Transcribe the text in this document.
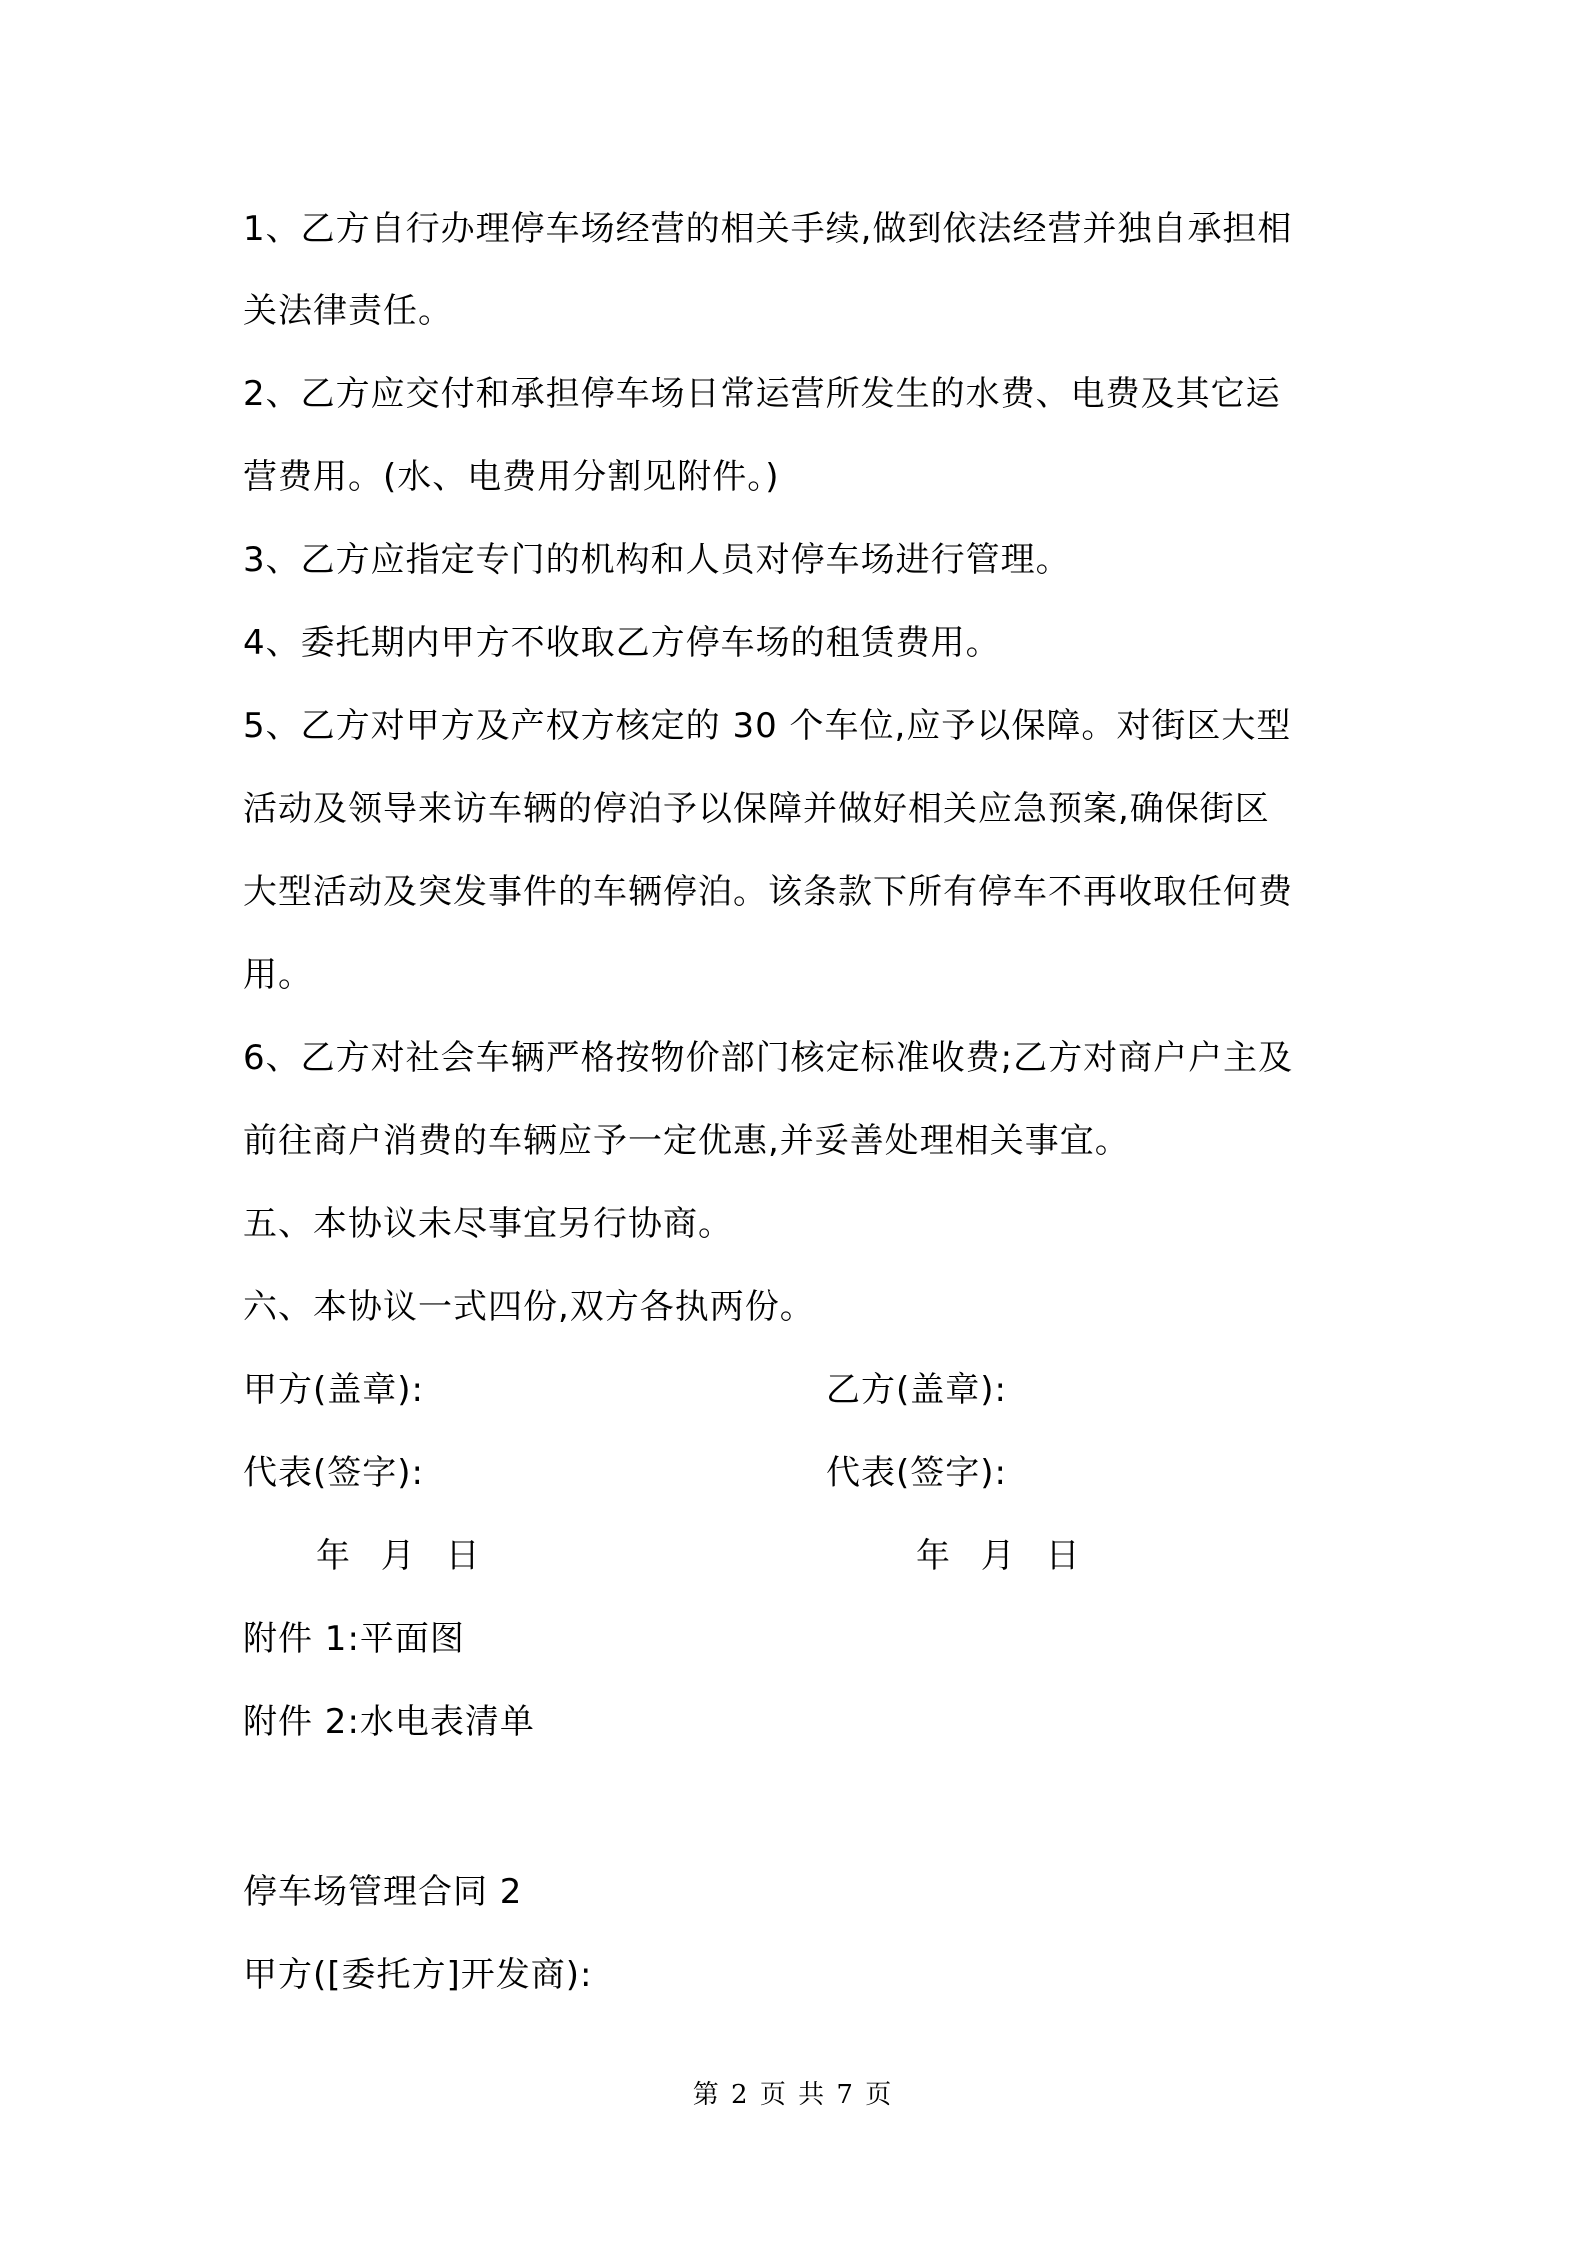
1、乙方自行办理停车场经营的相关手续,做到依法经营并独自承担相
关法律责任。
2、乙方应交付和承担停车场日常运营所发生的水费、电费及其它运
营费用。(水、电费用分割见附件。)
3、乙方应指定专门的机构和人员对停车场进行管理。
4、委托期内甲方不收取乙方停车场的租赁费用。
5、乙方对甲方及产权方核定的 30 个车位,应予以保障。对街区大型
活动及领导来访车辆的停泊予以保障并做好相关应急预案,确保街区
大型活动及突发事件的车辆停泊。该条款下所有停车不再收取任何费
用。
6、乙方对社会车辆严格按物价部门核定标准收费;乙方对商户户主及
前往商户消费的车辆应予一定优惠,并妥善处理相关事宜。
五、本协议未尽事宜另行协商。
六、本协议一式四份,双方各执两份。
甲方(盖章):	乙方(盖章):
代表(签字):	代表(签字):
年 月 日	年 月 日
附件 1:平面图
附件 2:水电表清单
停车场管理合同 2
甲方([委托方]开发商):
第 2 页 共 7 页
